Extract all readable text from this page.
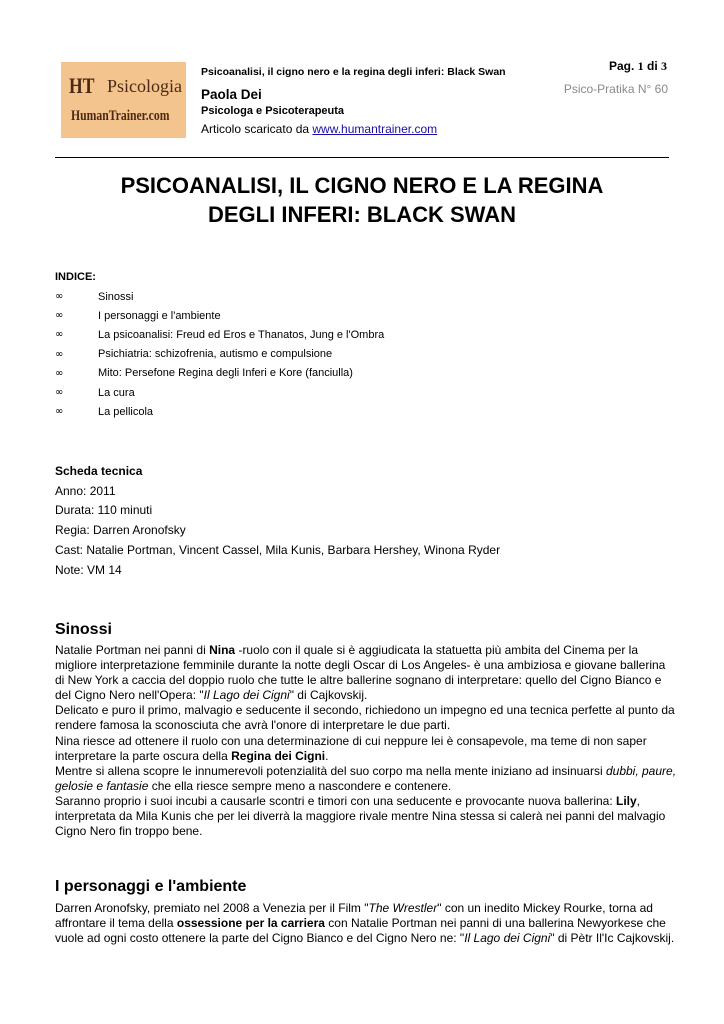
HT Psicologia
HumanTrainer.com
Psicoanalisi, il cigno nero e la regina degli inferi: Black Swan
Paola Dei
Psicologa e Psicoterapeuta
Articolo scaricato da www.humantrainer.com
Pag. 1 di 3
Psico-Pratika N° 60
PSICOANALISI, IL CIGNO NERO E LA REGINA
DEGLI INFERI: BLACK SWAN
INDICE:
∞	Sinossi
∞	I personaggi e l'ambiente
∞	La psicoanalisi: Freud ed Eros e Thanatos, Jung e l'Ombra
∞	Psichiatria: schizofrenia, autismo e compulsione
∞	Mito: Persefone Regina degli Inferi e Kore (fanciulla)
∞	La cura
∞	La pellicola
Scheda tecnica
Anno: 2011
Durata: 110 minuti
Regia: Darren Aronofsky
Cast: Natalie Portman, Vincent Cassel, Mila Kunis, Barbara Hershey, Winona Ryder
Note: VM 14
Sinossi

Natalie Portman nei panni di Nina -ruolo con il quale si è aggiudicata la statuetta più ambita del Cinema per la migliore interpretazione femminile durante la notte degli Oscar di Los Angeles- è una ambiziosa e giovane ballerina di New York a caccia del doppio ruolo che tutte le altre ballerine sognano di interpretare: quello del Cigno Bianco e del Cigno Nero nell'Opera: "Il Lago dei Cigni" di Cajkovskij.

Delicato e puro il primo, malvagio e seducente il secondo, richiedono un impegno ed una tecnica perfette al punto da rendere famosa la sconosciuta che avrà l'onore di interpretare le due parti.

Nina riesce ad ottenere il ruolo con una determinazione di cui neppure lei è consapevole, ma teme di non saper interpretare la parte oscura della Regina dei Cigni.

Mentre si allena scopre le innumerevoli potenzialità del suo corpo ma nella mente iniziano ad insinuarsi dubbi, paure, gelosie e fantasie che ella riesce sempre meno a nascondere e contenere.

Saranno proprio i suoi incubi a causarle scontri e timori con una seducente e provocante nuova ballerina: Lily, interpretata da Mila Kunis che per lei diverrà la maggiore rivale mentre Nina stessa si calerà nei panni del malvagio Cigno Nero fin troppo bene.

I personaggi e l'ambiente

Darren Aronofsky, premiato nel 2008 a Venezia per il Film "The Wrestler" con un inedito Mickey Rourke, torna ad affrontare il tema della ossessione per la carriera con Natalie Portman nei panni di una ballerina Newyorkese che vuole ad ogni costo ottenere la parte del Cigno Bianco e del Cigno Nero ne: "Il Lago dei Cigni" di Pètr Il'Ic Cajkovskij.
